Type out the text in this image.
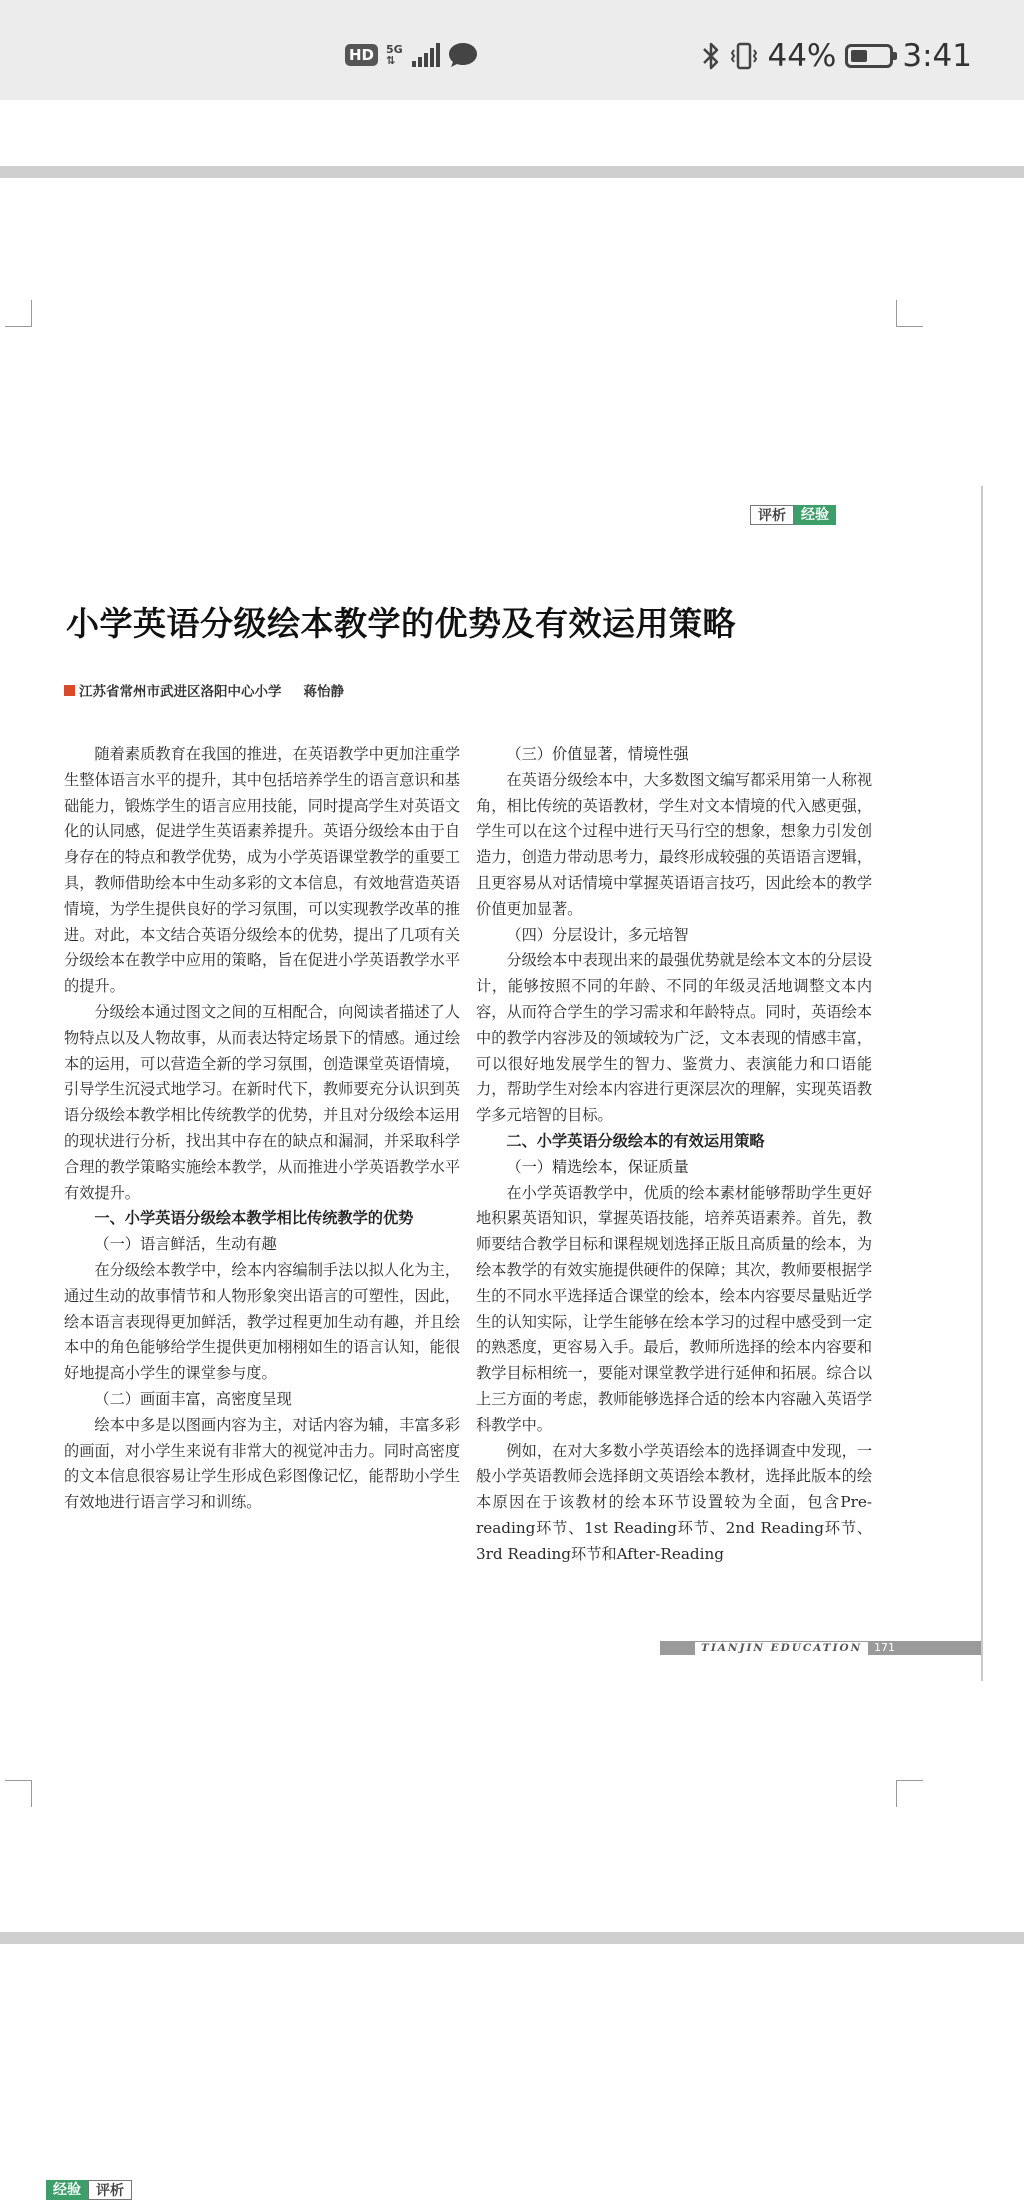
HD	5G
⇅	44% 3:41
评析	经验
小学英语分级绘本教学的优势及有效运用策略
江苏省常州市武进区洛阳中心小学 蒋怡静

随着素质教育在我国的推进，在英语教学中更加注重学生整体语言水平的提升，其中包括培养学生的语言意识和基础能力，锻炼学生的语言应用技能，同时提高学生对英语文化的认同感，促进学生英语素养提升。英语分级绘本由于自身存在的特点和教学优势，成为小学英语课堂教学的重要工具，教师借助绘本中生动多彩的文本信息，有效地营造英语情境，为学生提供良好的学习氛围，可以实现教学改革的推进。对此，本文结合英语分级绘本的优势，提出了几项有关分级绘本在教学中应用的策略，旨在促进小学英语教学水平的提升。

分级绘本通过图文之间的互相配合，向阅读者描述了人物特点以及人物故事，从而表达特定场景下的情感。通过绘本的运用，可以营造全新的学习氛围，创造课堂英语情境，引导学生沉浸式地学习。在新时代下，教师要充分认识到英语分级绘本教学相比传统教学的优势，并且对分级绘本运用的现状进行分析，找出其中存在的缺点和漏洞，并采取科学合理的教学策略实施绘本教学，从而推进小学英语教学水平有效提升。

一、小学英语分级绘本教学相比传统教学的优势
（一）语言鲜活，生动有趣

在分级绘本教学中，绘本内容编制手法以拟人化为主，通过生动的故事情节和人物形象突出语言的可塑性，因此，绘本语言表现得更加鲜活，教学过程更加生动有趣，并且绘本中的角色能够给学生提供更加栩栩如生的语言认知，能很好地提高小学生的课堂参与度。

（二）画面丰富，高密度呈现

绘本中多是以图画内容为主，对话内容为辅，丰富多彩的画面，对小学生来说有非常大的视觉冲击力。同时高密度的文本信息很容易让学生形成色彩图像记忆，能帮助小学生有效地进行语言学习和训练。

（三）价值显著，情境性强

在英语分级绘本中，大多数图文编写都采用第一人称视角，相比传统的英语教材，学生对文本情境的代入感更强，学生可以在这个过程中进行天马行空的想象，想象力引发创造力，创造力带动思考力，最终形成较强的英语语言逻辑，且更容易从对话情境中掌握英语语言技巧，因此绘本的教学价值更加显著。

（四）分层设计，多元培智

分级绘本中表现出来的最强优势就是绘本文本的分层设计，能够按照不同的年龄、不同的年级灵活地调整文本内容，从而符合学生的学习需求和年龄特点。同时，英语绘本中的教学内容涉及的领域较为广泛，文本表现的情感丰富，可以很好地发展学生的智力、鉴赏力、表演能力和口语能力，帮助学生对绘本内容进行更深层次的理解，实现英语教学多元培智的目标。

二、小学英语分级绘本的有效运用策略
（一）精选绘本，保证质量

在小学英语教学中，优质的绘本素材能够帮助学生更好地积累英语知识，掌握英语技能，培养英语素养。首先，教师要结合教学目标和课程规划选择正版且高质量的绘本，为绘本教学的有效实施提供硬件的保障；其次，教师要根据学生的不同水平选择适合课堂的绘本，绘本内容要尽量贴近学生的认知实际，让学生能够在绘本学习的过程中感受到一定的熟悉度，更容易入手。最后，教师所选择的绘本内容要和教学目标相统一，要能对课堂教学进行延伸和拓展。综合以上三方面的考虑，教师能够选择合适的绘本内容融入英语学科教学中。

例如，在对大多数小学英语绘本的选择调查中发现，一般小学英语教师会选择朗文英语绘本教材，选择此版本的绘本原因在于该教材的绘本环节设置较为全面，包含Pre-reading环节、1st Reading环节、2nd Reading环节、3rd Reading环节和After-Reading

TIANJIN EDUCATION	171
经验	评析
